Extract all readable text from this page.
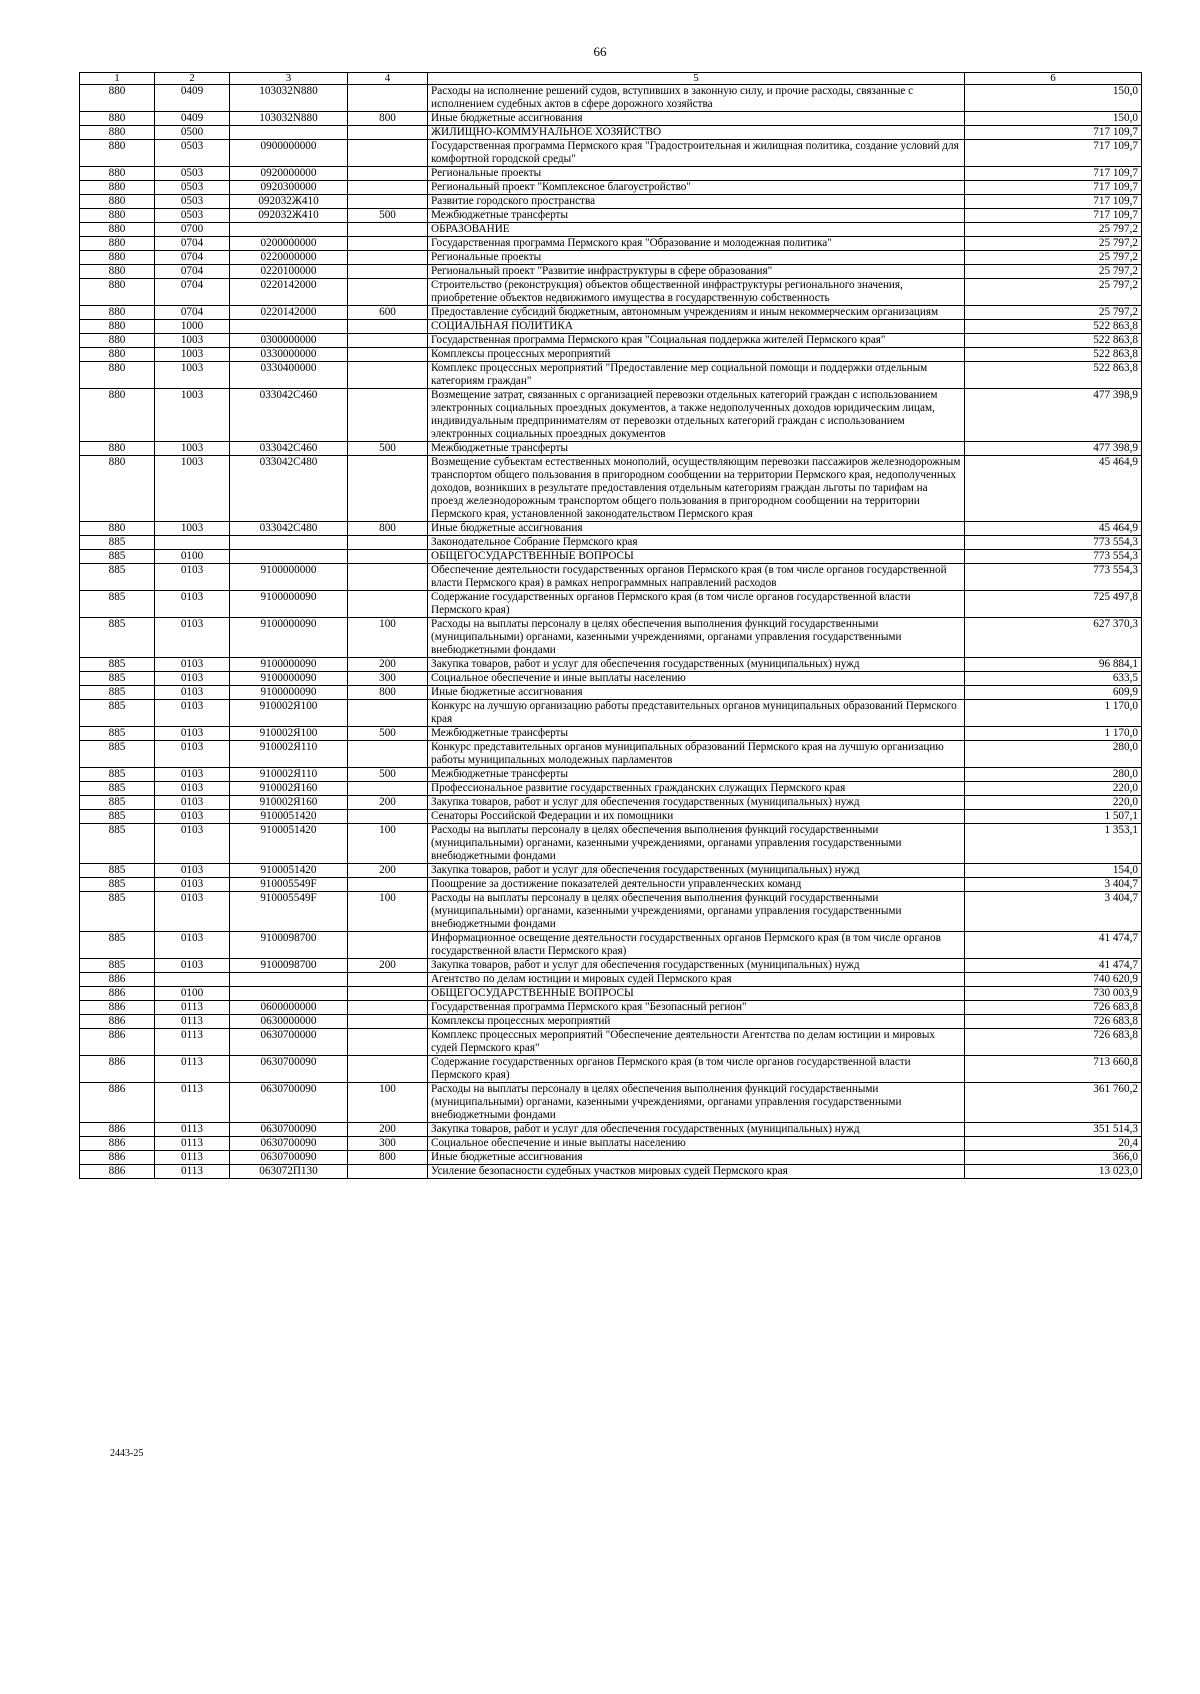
66
1	2	3	4	5	6
880	0409	103032N880		Расходы на исполнение решений судов, вступивших в законную силу, и прочие расходы, связанные с исполнением судебных актов в сфере дорожного хозяйства	150,0
880	0409	103032N880	800	Иные бюджетные ассигнования	150,0
880	0500			ЖИЛИЩНО-КОММУНАЛЬНОЕ ХОЗЯЙСТВО	717 109,7
880	0503	0900000000		Государственная программа Пермского края "Градостроительная и жилищная политика, создание условий для комфортной городской среды"	717 109,7
880	0503	0920000000		Региональные проекты	717 109,7
880	0503	0920300000		Региональный проект "Комплексное благоустройство"	717 109,7
880	0503	092032Ж410		Развитие городского пространства	717 109,7
880	0503	092032Ж410	500	Межбюджетные трансферты	717 109,7
880	0700			ОБРАЗОВАНИЕ	25 797,2
880	0704	0200000000		Государственная программа Пермского края "Образование и молодежная политика"	25 797,2
880	0704	0220000000		Региональные проекты	25 797,2
880	0704	0220100000		Региональный проект "Развитие инфраструктуры в сфере образования"	25 797,2
880	0704	0220142000		Строительство (реконструкция) объектов общественной инфраструктуры регионального значения, приобретение объектов недвижимого имущества в государственную собственность	25 797,2
880	0704	0220142000	600	Предоставление субсидий бюджетным, автономным учреждениям и иным некоммерческим организациям	25 797,2
880	1000			СОЦИАЛЬНАЯ ПОЛИТИКА	522 863,8
880	1003	0300000000		Государственная программа Пермского края "Социальная поддержка жителей Пермского края"	522 863,8
880	1003	0330000000		Комплексы процессных мероприятий	522 863,8
880	1003	0330400000		Комплекс процессных мероприятий "Предоставление мер социальной помощи и поддержки отдельным категориям граждан"	522 863,8
880	1003	033042С460		Возмещение затрат, связанных с организацией перевозки отдельных категорий граждан с использованием электронных социальных проездных документов, а также недополученных доходов юридическим лицам, индивидуальным предпринимателям от перевозки отдельных категорий граждан с использованием электронных социальных проездных документов	477 398,9
880	1003	033042С460	500	Межбюджетные трансферты	477 398,9
880	1003	033042С480		Возмещение субъектам естественных монополий, осуществляющим перевозки пассажиров железнодорожным транспортом общего пользования в пригородном сообщении на территории Пермского края, недополученных доходов, возникших в результате предоставления отдельным категориям граждан льготы по тарифам на проезд железнодорожным транспортом общего пользования в пригородном сообщении на территории Пермского края, установленной законодательством Пермского края	45 464,9
880	1003	033042С480	800	Иные бюджетные ассигнования	45 464,9
885				Законодательное Собрание Пермского края	773 554,3
885	0100			ОБЩЕГОСУДАРСТВЕННЫЕ ВОПРОСЫ	773 554,3
885	0103	9100000000		Обеспечение деятельности государственных органов Пермского края (в том числе органов государственной власти Пермского края) в рамках непрограммных направлений расходов	773 554,3
885	0103	9100000090		Содержание государственных органов Пермского края (в том числе органов государственной власти Пермского края)	725 497,8
885	0103	9100000090	100	Расходы на выплаты персоналу в целях обеспечения выполнения функций государственными (муниципальными) органами, казенными учреждениями, органами управления государственными внебюджетными фондами	627 370,3
885	0103	9100000090	200	Закупка товаров, работ и услуг для обеспечения государственных (муниципальных) нужд	96 884,1
885	0103	9100000090	300	Социальное обеспечение и иные выплаты населению	633,5
885	0103	9100000090	800	Иные бюджетные ассигнования	609,9
885	0103	910002Я100		Конкурс на лучшую организацию работы представительных органов муниципальных образований Пермского края	1 170,0
885	0103	910002Я100	500	Межбюджетные трансферты	1 170,0
885	0103	910002Я110		Конкурс представительных органов муниципальных образований Пермского края на лучшую организацию работы муниципальных молодежных парламентов	280,0
885	0103	910002Я110	500	Межбюджетные трансферты	280,0
885	0103	910002Я160		Профессиональное развитие государственных гражданских служащих Пермского края	220,0
885	0103	910002Я160	200	Закупка товаров, работ и услуг для обеспечения государственных (муниципальных) нужд	220,0
885	0103	9100051420		Сенаторы Российской Федерации и их помощники	1 507,1
885	0103	9100051420	100	Расходы на выплаты персоналу в целях обеспечения выполнения функций государственными (муниципальными) органами, казенными учреждениями, органами управления государственными внебюджетными фондами	1 353,1
885	0103	9100051420	200	Закупка товаров, работ и услуг для обеспечения государственных (муниципальных) нужд	154,0
885	0103	910005549F		Поощрение за достижение показателей деятельности управленческих команд	3 404,7
885	0103	910005549F	100	Расходы на выплаты персоналу в целях обеспечения выполнения функций государственными (муниципальными) органами, казенными учреждениями, органами управления государственными внебюджетными фондами	3 404,7
885	0103	9100098700		Информационное освещение деятельности государственных органов Пермского края (в том числе органов государственной власти Пермского края)	41 474,7
885	0103	9100098700	200	Закупка товаров, работ и услуг для обеспечения государственных (муниципальных) нужд	41 474,7
886				Агентство по делам юстиции и мировых судей Пермского края	740 620,9
886	0100			ОБЩЕГОСУДАРСТВЕННЫЕ ВОПРОСЫ	730 003,9
886	0113	0600000000		Государственная программа Пермского края "Безопасный регион"	726 683,8
886	0113	0630000000		Комплексы процессных мероприятий	726 683,8
886	0113	0630700000		Комплекс процессных мероприятий "Обеспечение деятельности Агентства по делам юстиции и мировых судей Пермского края"	726 683,8
886	0113	0630700090		Содержание государственных органов Пермского края (в том числе органов государственной власти Пермского края)	713 660,8
886	0113	0630700090	100	Расходы на выплаты персоналу в целях обеспечения выполнения функций государственными (муниципальными) органами, казенными учреждениями, органами управления государственными внебюджетными фондами	361 760,2
886	0113	0630700090	200	Закупка товаров, работ и услуг для обеспечения государственных (муниципальных) нужд	351 514,3
886	0113	0630700090	300	Социальное обеспечение и иные выплаты населению	20,4
886	0113	0630700090	800	Иные бюджетные ассигнования	366,0
886	0113	063072П130		Усиление безопасности судебных участков мировых судей Пермского края	13 023,0
2443-25
